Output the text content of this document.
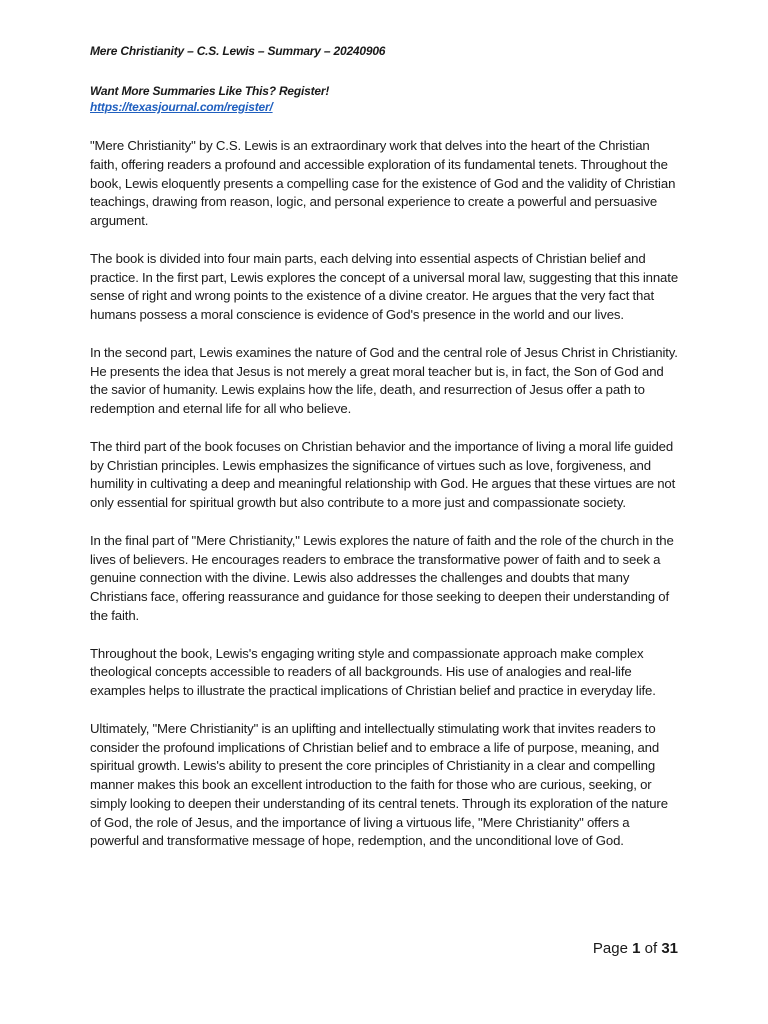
Mere Christianity – C.S. Lewis – Summary – 20240906
Want More Summaries Like This? Register!
https://texasjournal.com/register/

"Mere Christianity" by C.S. Lewis is an extraordinary work that delves into the heart of the Christian faith, offering readers a profound and accessible exploration of its fundamental tenets. Throughout the book, Lewis eloquently presents a compelling case for the existence of God and the validity of Christian teachings, drawing from reason, logic, and personal experience to create a powerful and persuasive argument.

The book is divided into four main parts, each delving into essential aspects of Christian belief and practice. In the first part, Lewis explores the concept of a universal moral law, suggesting that this innate sense of right and wrong points to the existence of a divine creator. He argues that the very fact that humans possess a moral conscience is evidence of God's presence in the world and our lives.

In the second part, Lewis examines the nature of God and the central role of Jesus Christ in Christianity. He presents the idea that Jesus is not merely a great moral teacher but is, in fact, the Son of God and the savior of humanity. Lewis explains how the life, death, and resurrection of Jesus offer a path to redemption and eternal life for all who believe.

The third part of the book focuses on Christian behavior and the importance of living a moral life guided by Christian principles. Lewis emphasizes the significance of virtues such as love, forgiveness, and humility in cultivating a deep and meaningful relationship with God. He argues that these virtues are not only essential for spiritual growth but also contribute to a more just and compassionate society.

In the final part of "Mere Christianity," Lewis explores the nature of faith and the role of the church in the lives of believers. He encourages readers to embrace the transformative power of faith and to seek a genuine connection with the divine. Lewis also addresses the challenges and doubts that many Christians face, offering reassurance and guidance for those seeking to deepen their understanding of the faith.

Throughout the book, Lewis's engaging writing style and compassionate approach make complex theological concepts accessible to readers of all backgrounds. His use of analogies and real-life examples helps to illustrate the practical implications of Christian belief and practice in everyday life.

Ultimately, "Mere Christianity" is an uplifting and intellectually stimulating work that invites readers to consider the profound implications of Christian belief and to embrace a life of purpose, meaning, and spiritual growth. Lewis's ability to present the core principles of Christianity in a clear and compelling manner makes this book an excellent introduction to the faith for those who are curious, seeking, or simply looking to deepen their understanding of its central tenets. Through its exploration of the nature of God, the role of Jesus, and the importance of living a virtuous life, "Mere Christianity" offers a powerful and transformative message of hope, redemption, and the unconditional love of God.

Page 1 of 31
